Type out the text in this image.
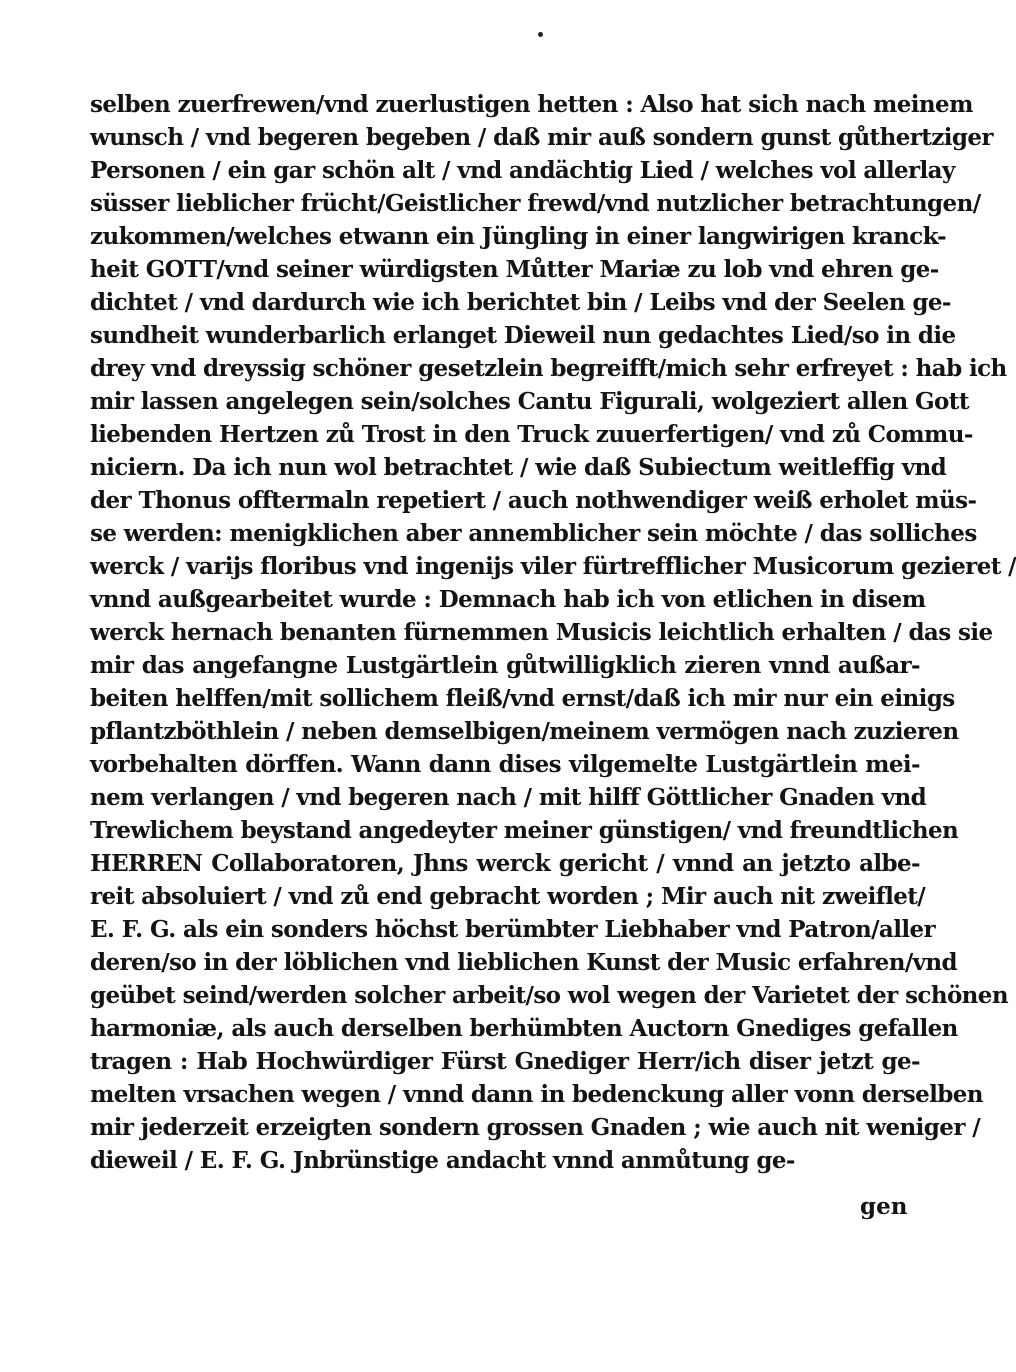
selben zuerfrewen/vnd zuerlustigen hetten : Also hat sich nach meinem
wunsch / vnd begeren begeben / daß mir auß sondern gunst gůthertziger
Personen / ein gar schön alt / vnd andächtig Lied / welches vol allerlay
süsser lieblicher frücht/Geistlicher frewd/vnd nutzlicher betrachtungen/
zukommen/welches etwann ein Jüngling in einer langwirigen kranck-
heit GOTT/vnd seiner würdigsten Můtter Mariæ zu lob vnd ehren ge-
dichtet / vnd dardurch wie ich berichtet bin / Leibs vnd der Seelen ge-
sundheit wunderbarlich erlanget Dieweil nun gedachtes Lied/so in die
drey vnd dreyssig schöner gesetzlein begreifft/mich sehr erfreyet : hab ich
mir lassen angelegen sein/solches Cantu Figurali, wolgeziert allen Gott
liebenden Hertzen zů Trost in den Truck zuuerfertigen/ vnd zů Commu-
niciern. Da ich nun wol betrachtet / wie daß Subiectum weitleffig vnd
der Thonus offtermaln repetiert / auch nothwendiger weiß erholet müs-
se werden: menigklichen aber annemblicher sein möchte / das solliches
werck / varijs floribus vnd ingenijs viler fürtrefflicher Musicorum gezieret /
vnnd außgearbeitet wurde : Demnach hab ich von etlichen in disem
werck hernach benanten fürnemmen Musicis leichtlich erhalten / das sie
mir das angefangne Lustgärtlein gůtwilligklich zieren vnnd außar-
beiten helffen/mit sollichem fleiß/vnd ernst/daß ich mir nur ein einigs
pflantzböthlein / neben demselbigen/meinem vermögen nach zuzieren
vorbehalten dörffen. Wann dann dises vilgemelte Lustgärtlein mei-
nem verlangen / vnd begeren nach / mit hilff Göttlicher Gnaden vnd
Trewlichem beystand angedeyter meiner günstigen/ vnd freundtlichen
HERREN Collaboratoren, Jhns werck gericht / vnnd an jetzto albe-
reit absoluiert / vnd zů end gebracht worden ; Mir auch nit zweiflet/
E. F. G. als ein sonders höchst berümbter Liebhaber vnd Patron/aller
deren/so in der löblichen vnd lieblichen Kunst der Music erfahren/vnd
geübet seind/werden solcher arbeit/so wol wegen der Varietet der schönen
harmoniæ, als auch derselben berhümbten Auctorn Gnediges gefallen
tragen : Hab Hochwürdiger Fürst Gnediger Herr/ich diser jetzt ge-
melten vrsachen wegen / vnnd dann in bedenckung aller vonn derselben
mir jederzeit erzeigten sondern grossen Gnaden ; wie auch nit weniger /
dieweil / E. F. G. Jnbrünstige andacht vnnd anmůtung ge-
gen
